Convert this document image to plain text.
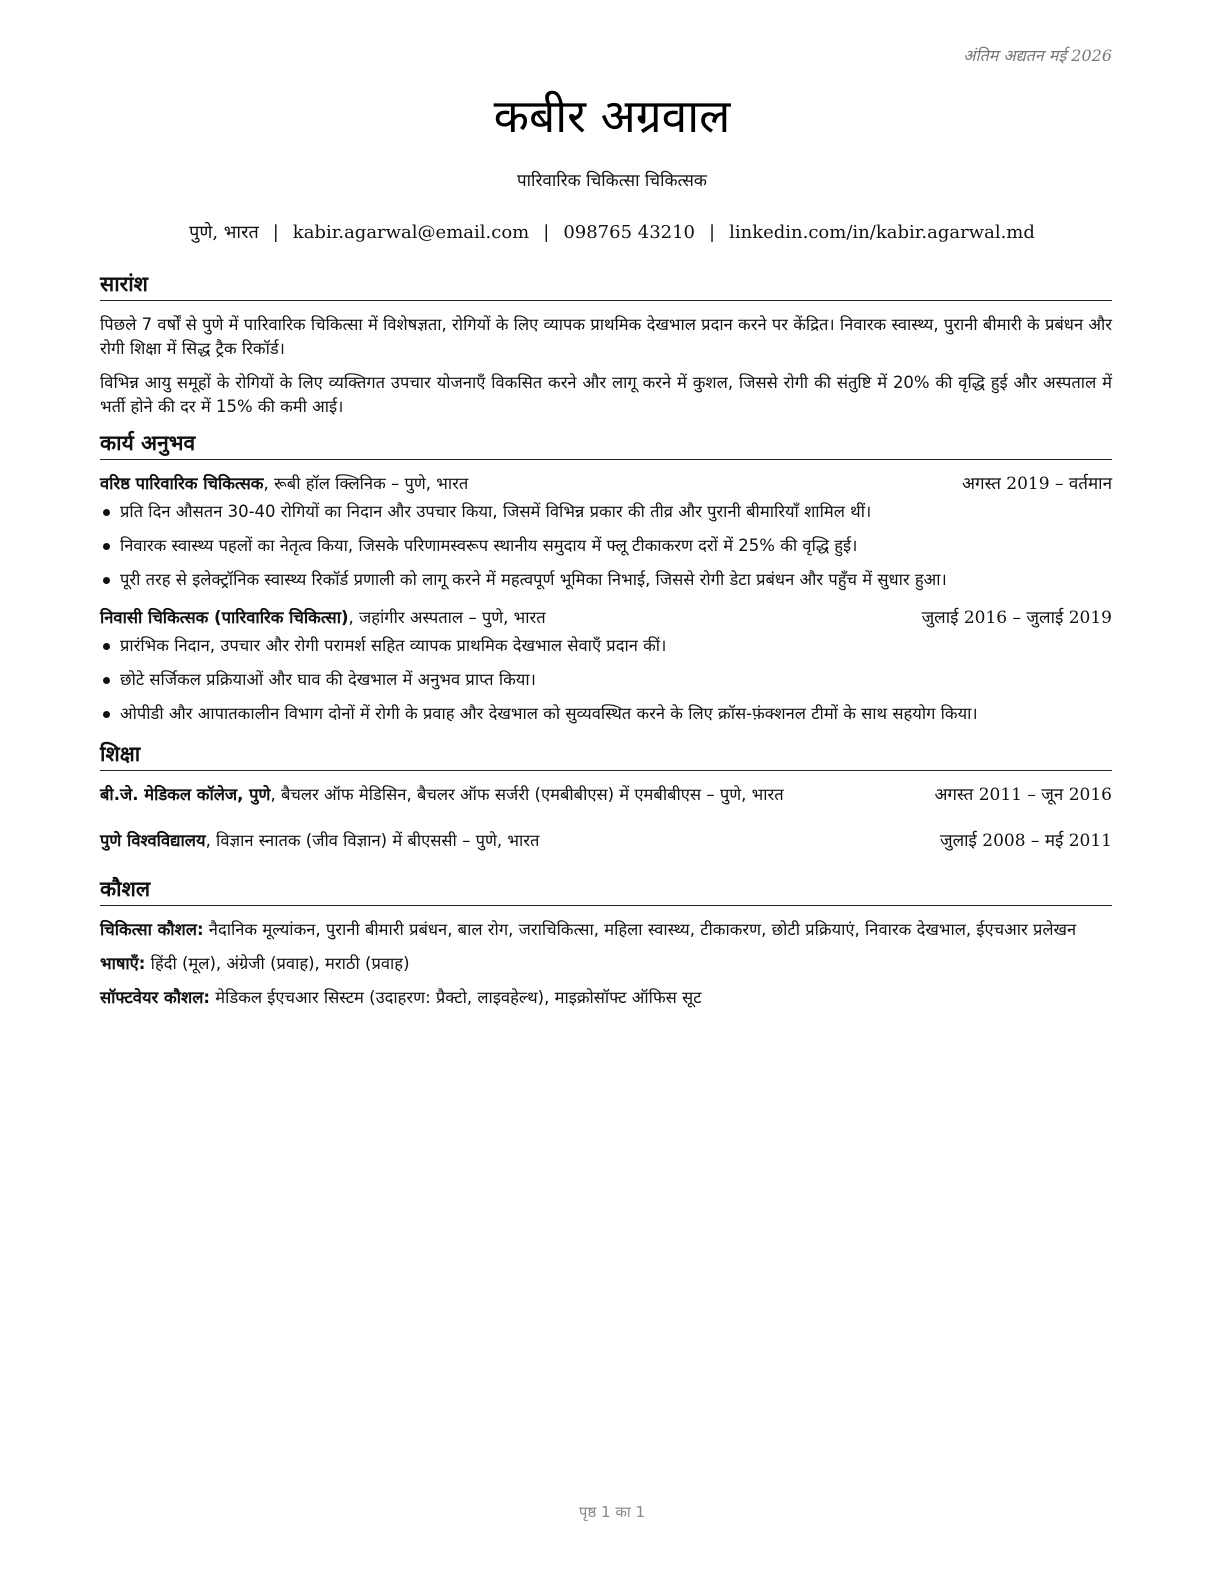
अंतिम अद्यतन मई 2026
कबीर अग्रवाल
पारिवारिक चिकित्सा चिकित्सक
पुणे, भारत | kabir.agarwal@email.com | 098765 43210 | linkedin.com/in/kabir.agarwal.md
सारांश

पिछले 7 वर्षों से पुणे में पारिवारिक चिकित्सा में विशेषज्ञता, रोगियों के लिए व्यापक प्राथमिक देखभाल प्रदान करने पर केंद्रित। निवारक स्वास्थ्य, पुरानी बीमारी के प्रबंधन और रोगी शिक्षा में सिद्ध ट्रैक रिकॉर्ड।

विभिन्न आयु समूहों के रोगियों के लिए व्यक्तिगत उपचार योजनाएँ विकसित करने और लागू करने में कुशल, जिससे रोगी की संतुष्टि में 20% की वृद्धि हुई और अस्पताल में भर्ती होने की दर में 15% की कमी आई।

कार्य अनुभव
वरिष्ठ पारिवारिक चिकित्सक, रूबी हॉल क्लिनिक – पुणे, भारत	अगस्त 2019 – वर्तमान
प्रति दिन औसतन 30-40 रोगियों का निदान और उपचार किया, जिसमें विभिन्न प्रकार की तीव्र और पुरानी बीमारियाँ शामिल थीं।
निवारक स्वास्थ्य पहलों का नेतृत्व किया, जिसके परिणामस्वरूप स्थानीय समुदाय में फ्लू टीकाकरण दरों में 25% की वृद्धि हुई।
पूरी तरह से इलेक्ट्रॉनिक स्वास्थ्य रिकॉर्ड प्रणाली को लागू करने में महत्वपूर्ण भूमिका निभाई, जिससे रोगी डेटा प्रबंधन और पहुँच में सुधार हुआ।
निवासी चिकित्सक (पारिवारिक चिकित्सा), जहांगीर अस्पताल – पुणे, भारत	जुलाई 2016 – जुलाई 2019
प्रारंभिक निदान, उपचार और रोगी परामर्श सहित व्यापक प्राथमिक देखभाल सेवाएँ प्रदान कीं।
छोटे सर्जिकल प्रक्रियाओं और घाव की देखभाल में अनुभव प्राप्त किया।
ओपीडी और आपातकालीन विभाग दोनों में रोगी के प्रवाह और देखभाल को सुव्यवस्थित करने के लिए क्रॉस-फ़ंक्शनल टीमों के साथ सहयोग किया।
शिक्षा
बी.जे. मेडिकल कॉलेज, पुणे, बैचलर ऑफ मेडिसिन, बैचलर ऑफ सर्जरी (एमबीबीएस) में एमबीबीएस – पुणे, भारत	अगस्त 2011 – जून 2016
पुणे विश्वविद्यालय, विज्ञान स्नातक (जीव विज्ञान) में बीएससी – पुणे, भारत	जुलाई 2008 – मई 2011
कौशल

चिकित्सा कौशल: नैदानिक मूल्यांकन, पुरानी बीमारी प्रबंधन, बाल रोग, जराचिकित्सा, महिला स्वास्थ्य, टीकाकरण, छोटी प्रक्रियाएं, निवारक देखभाल, ईएचआर प्रलेखन

भाषाएँ: हिंदी (मूल), अंग्रेजी (प्रवाह), मराठी (प्रवाह)

सॉफ्टवेयर कौशल: मेडिकल ईएचआर सिस्टम (उदाहरण: प्रैक्टो, लाइवहेल्थ), माइक्रोसॉफ्ट ऑफिस सूट

पृष्ठ 1 का 1
